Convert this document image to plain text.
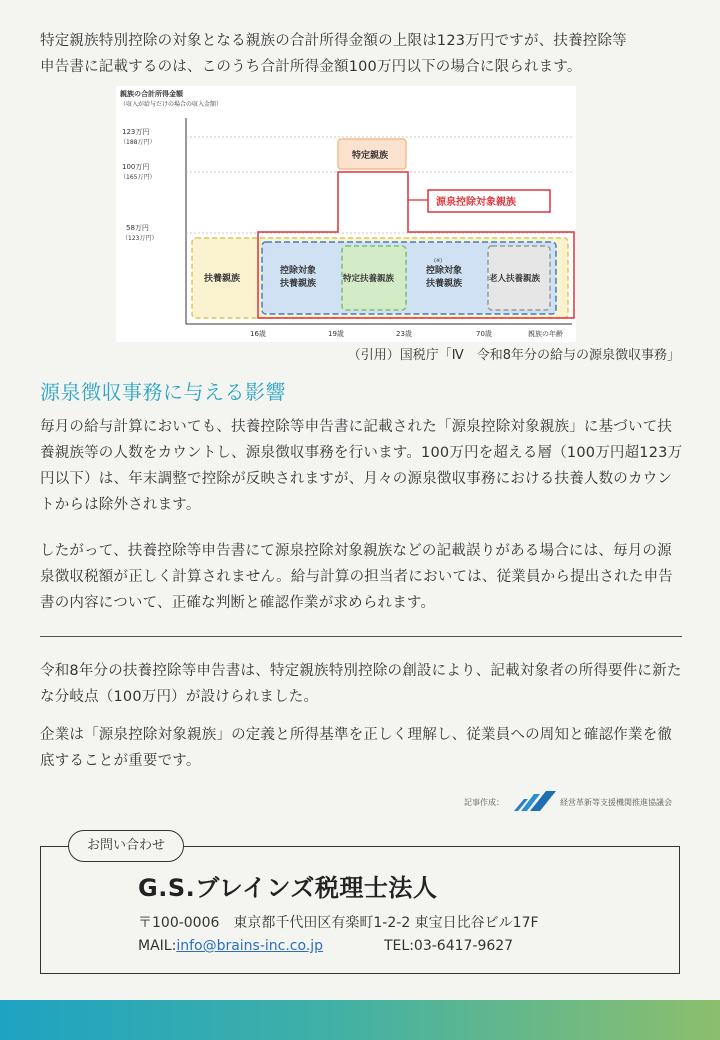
特定親族特別控除の対象となる親族の合計所得金額の上限は123万円ですが、扶養控除等
申告書に記載するのは、このうち合計所得金額100万円以下の場合に限られます。

親族の合計所得金額
（収入が給与だけの場合の収入金額）
123万円
（188万円）
100万円
（165万円）
58万円
（123万円）
扶養親族
控除対象
扶養親族	特定扶養親族
(※)
控除対象
扶養親族	老人扶養親族
特定親族
源泉控除対象親族
16歳	19歳	23歳	70歳	親族の年齢

（引用）国税庁「Ⅳ　令和8年分の給与の源泉徴収事務」

源泉徴収事務に与える影響

毎月の給与計算においても、扶養控除等申告書に記載された「源泉控除対象親族」に基づいて扶養親族等の人数をカウントし、源泉徴収事務を行います。100万円を超える層（100万円超123万円以下）は、年末調整で控除が反映されますが、月々の源泉徴収事務における扶養人数のカウントからは除外されます。

したがって、扶養控除等申告書にて源泉控除対象親族などの記載誤りがある場合には、毎月の源泉徴収税額が正しく計算されません。給与計算の担当者においては、従業員から提出された申告書の内容について、正確な判断と確認作業が求められます。

令和8年分の扶養控除等申告書は、特定親族特別控除の創設により、記載対象者の所得要件に新たな分岐点（100万円）が設けられました。

企業は「源泉控除対象親族」の定義と所得基準を正しく理解し、従業員への周知と確認作業を徹底することが重要です。

記事作成：	経営革新等支援機関推進協議会
お問い合わせ
G.S.ブレインズ税理士法人
〒100-0006　東京都千代田区有楽町1-2-2 東宝日比谷ビル17F
MAIL:info@brains-inc.co.jp	TEL:03-6417-9627
